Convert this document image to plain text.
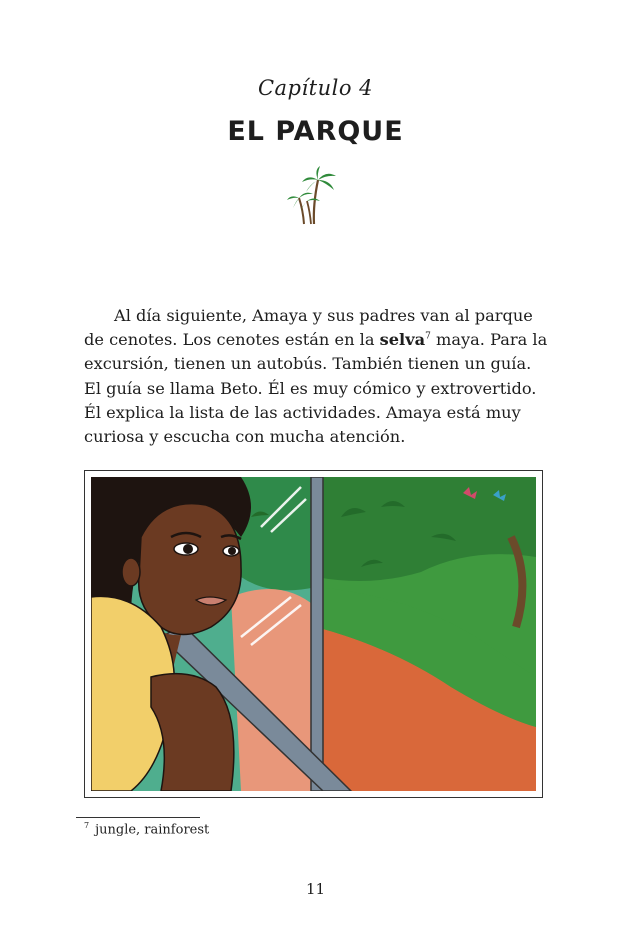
Capítulo 4
EL PARQUE

Al día siguiente, Amaya y sus padres van al parque de cenotes. Los cenotes están en la selva$^7$ maya. Para la excursión, tienen un autobús. También tienen un guía. El guía se llama Beto. Él es muy cómico y extrovertido. Él explica la lista de las actividades. Amaya está muy curiosa y escucha con mucha atención.

$^7$ jungle, rainforest
11
